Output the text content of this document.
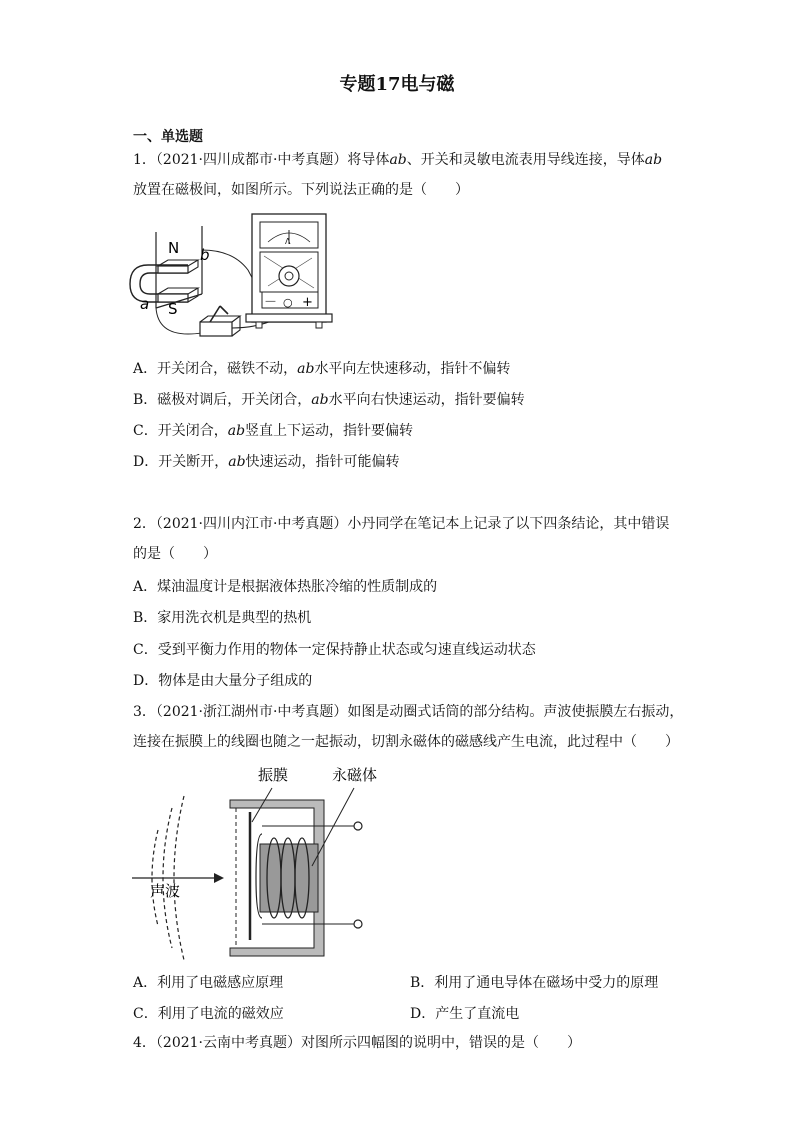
专题17电与磁
一、单选题
1．（2021·四川成都市·中考真题）将导体ab、开关和灵敏电流表用导线连接，导体ab
放置在磁极间，如图所示。下列说法正确的是（　　）
N
S
a
b
Λ
－ ○ +
A．开关闭合，磁铁不动，ab水平向左快速移动，指针不偏转
B．磁极对调后，开关闭合，ab水平向右快速运动，指针要偏转
C．开关闭合，ab竖直上下运动，指针要偏转
D．开关断开，ab快速运动，指针可能偏转
2．（2021·四川内江市·中考真题）小丹同学在笔记本上记录了以下四条结论，其中错误
的是（　　）
A．煤油温度计是根据液体热胀冷缩的性质制成的
B．家用洗衣机是典型的热机
C．受到平衡力作用的物体一定保持静止状态或匀速直线运动状态
D．物体是由大量分子组成的
3．（2021·浙江湖州市·中考真题）如图是动圈式话筒的部分结构。声波使振膜左右振动，
连接在振膜上的线圈也随之一起振动，切割永磁体的磁感线产生电流，此过程中（　　）
声波
振膜	永磁体
A．利用了电磁感应原理	B．利用了通电导体在磁场中受力的原理
C．利用了电流的磁效应	D．产生了直流电
4．（2021·云南中考真题）对图所示四幅图的说明中，错误的是（　　）
